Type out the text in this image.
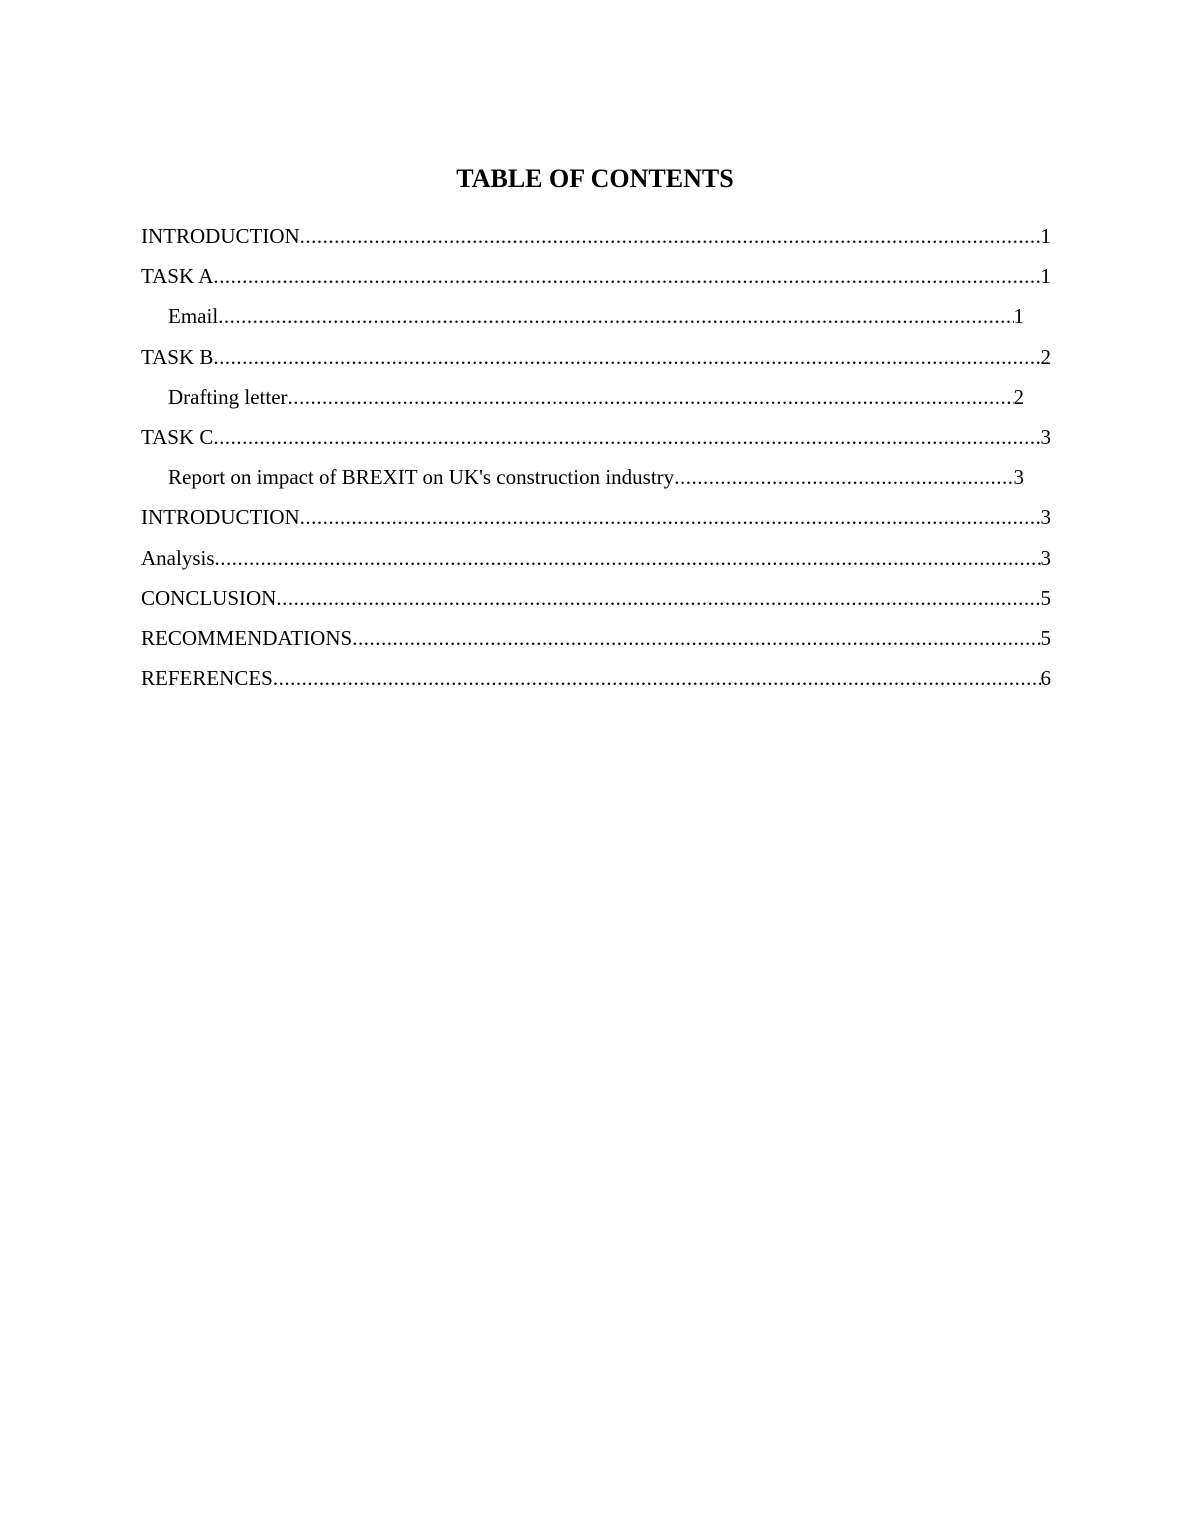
TABLE OF CONTENTS
INTRODUCTION .....	1
TASK A .....	1
Email .....	1
TASK B .....	2
Drafting letter .....	2
TASK C .....	3
Report on impact of BREXIT on UK's construction industry .....	3
INTRODUCTION .....	3
Analysis .....	3
CONCLUSION .....	5
RECOMMENDATIONS .....	5
REFERENCES .....	6
